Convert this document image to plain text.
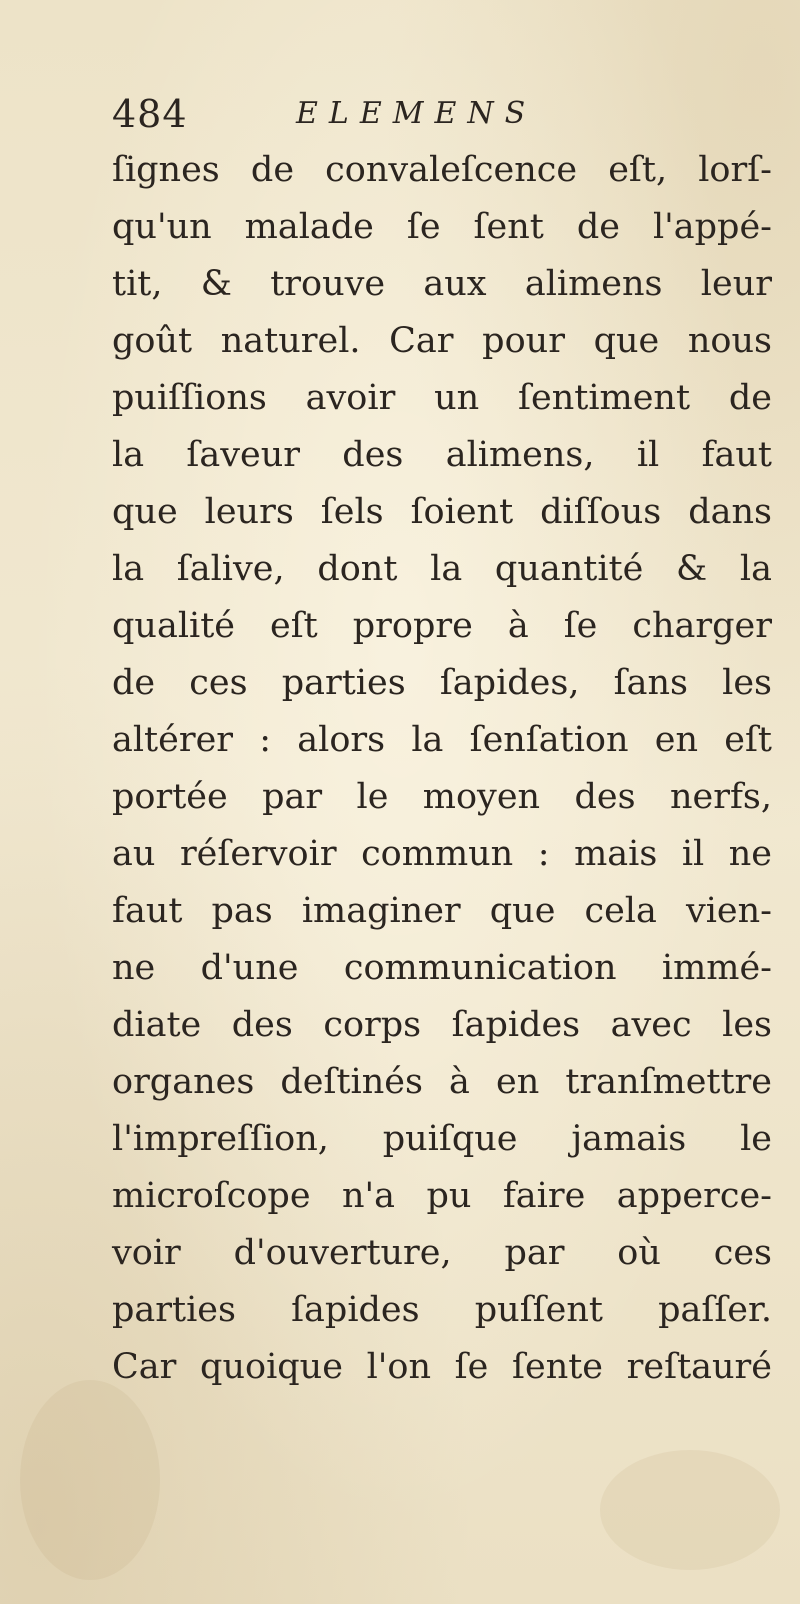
484	ELEMENS
ſignes de convaleſcence eſt, lorſ-
qu'un malade ſe ſent de l'appé-
tit, & trouve aux alimens leur
goût naturel. Car pour que nous
puiſſions avoir un ſentiment de
la ſaveur des alimens, il faut
que leurs ſels ſoient diſſous dans
la ſalive, dont la quantité & la
qualité eſt propre à ſe charger
de ces parties ſapides, ſans les
altérer : alors la ſenſation en eſt
portée par le moyen des nerfs,
au réſervoir commun : mais il ne
faut pas imaginer que cela vien-
ne d'une communication immé-
diate des corps ſapides avec les
organes deſtinés à en tranſmettre
l'impreſſion, puiſque jamais le
microſcope n'a pu faire apperce-
voir d'ouverture, par où ces
parties ſapides puſſent paſſer.
Car quoique l'on ſe ſente reſtauré
